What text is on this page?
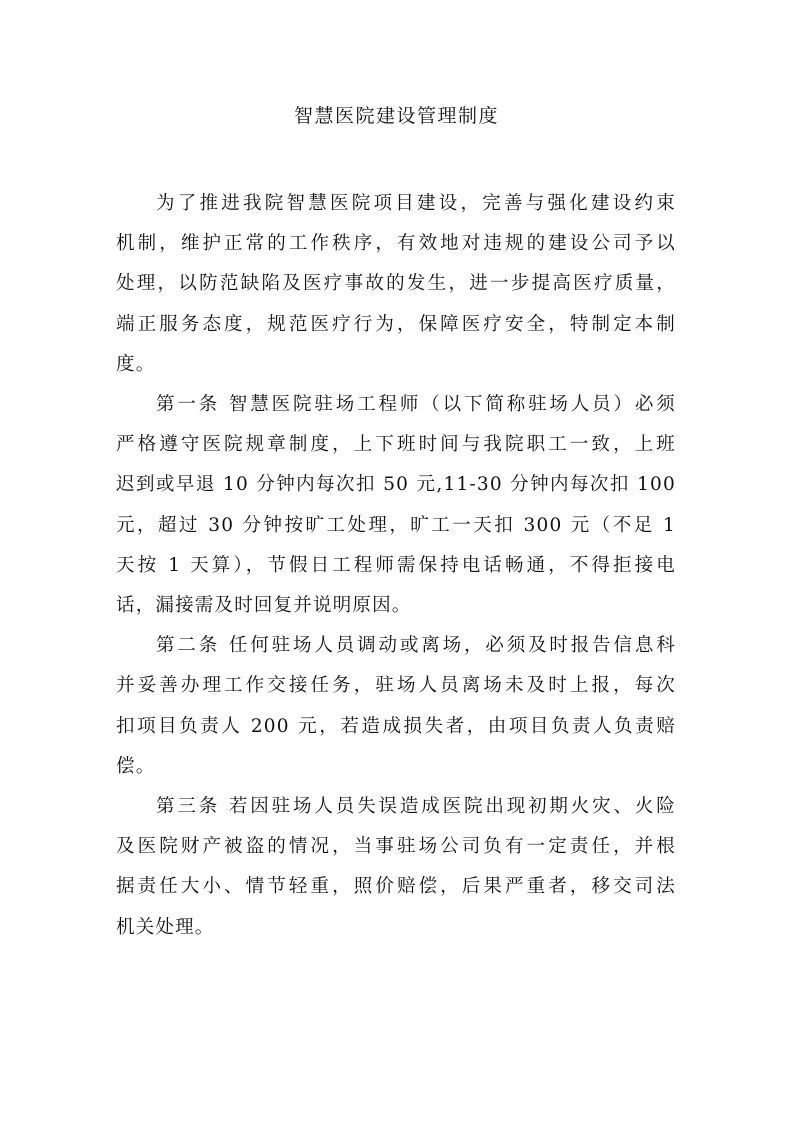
智慧医院建设管理制度

为了推进我院智慧医院项目建设，完善与强化建设约束
机制，维护正常的工作秩序，有效地对违规的建设公司予以
处理，以防范缺陷及医疗事故的发生，进一步提高医疗质量，
端正服务态度，规范医疗行为，保障医疗安全，特制定本制
度。

第一条 智慧医院驻场工程师（以下简称驻场人员）必须
严格遵守医院规章制度，上下班时间与我院职工一致，上班
迟到或早退 10 分钟内每次扣 50 元,11-30 分钟内每次扣 100
元，超过 30 分钟按旷工处理，旷工一天扣 300 元（不足 1
天按 1 天算），节假日工程师需保持电话畅通，不得拒接电
话，漏接需及时回复并说明原因。

第二条 任何驻场人员调动或离场，必须及时报告信息科
并妥善办理工作交接任务，驻场人员离场未及时上报，每次
扣项目负责人 200 元，若造成损失者，由项目负责人负责赔
偿。

第三条 若因驻场人员失误造成医院出现初期火灾、火险
及医院财产被盗的情况，当事驻场公司负有一定责任，并根
据责任大小、情节轻重，照价赔偿，后果严重者，移交司法
机关处理。
